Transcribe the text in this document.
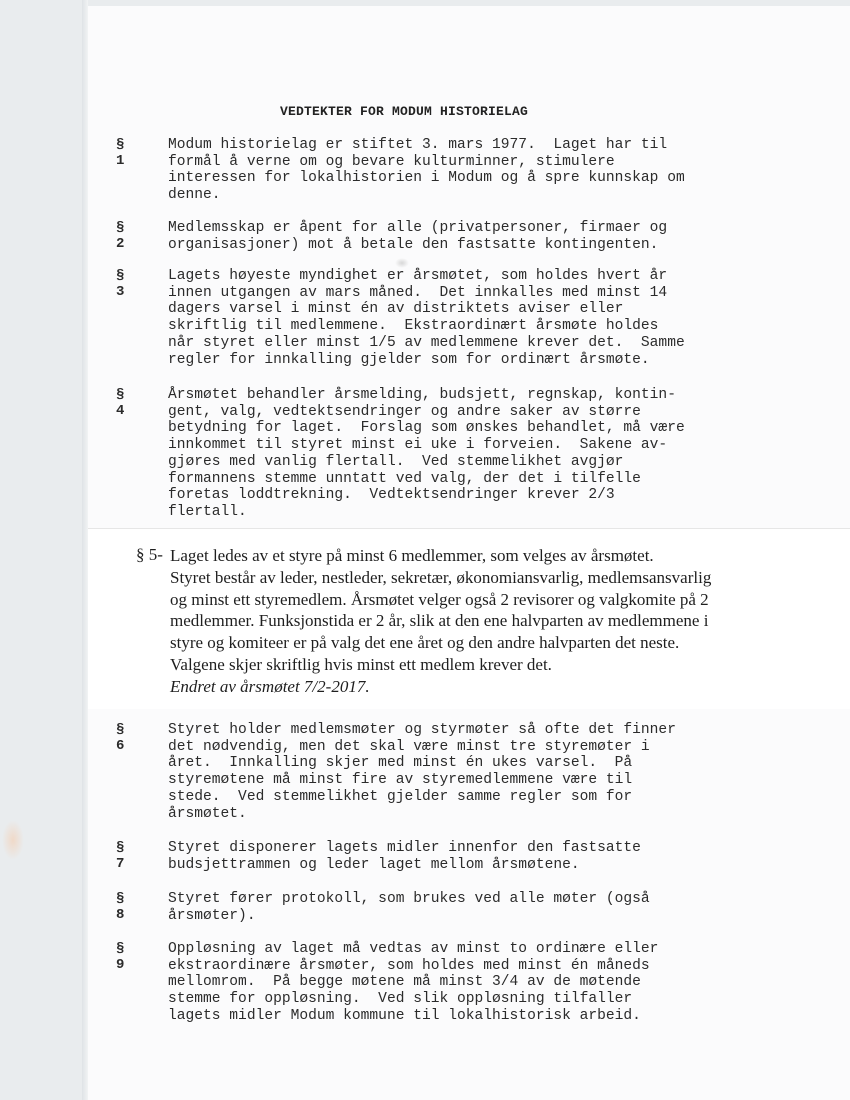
VEDTEKTER FOR MODUM HISTORIELAG
§ 1
Modum historielag er stiftet 3. mars 1977.  Laget har til
formål å verne om og bevare kulturminner, stimulere
interessen for lokalhistorien i Modum og å spre kunnskap om
denne.
§ 2
Medlemsskap er åpent for alle (privatpersoner, firmaer og
organisasjoner) mot å betale den fastsatte kontingenten.
§ 3
Lagets høyeste myndighet er årsmøtet, som holdes hvert år
innen utgangen av mars måned.  Det innkalles med minst 14
dagers varsel i minst én av distriktets aviser eller
skriftlig til medlemmene.  Ekstraordinært årsmøte holdes
når styret eller minst 1/5 av medlemmene krever det.  Samme
regler for innkalling gjelder som for ordinært årsmøte.
§ 4
Årsmøtet behandler årsmelding, budsjett, regnskap, kontin-
gent, valg, vedtektsendringer og andre saker av større
betydning for laget.  Forslag som ønskes behandlet, må være
innkommet til styret minst ei uke i forveien.  Sakene av-
gjøres med vanlig flertall.  Ved stemmelikhet avgjør
formannens stemme unntatt ved valg, der det i tilfelle
foretas loddtrekning.  Vedtektsendringer krever 2/3
flertall.
§ 5- Laget ledes av et styre på minst 6 medlemmer, som velges av årsmøtet.
Styret består av leder, nestleder, sekretær, økonomiansvarlig, medlemsansvarlig
og minst ett styremedlem. Årsmøtet velger også 2 revisorer og valgkomite på 2
medlemmer. Funksjonstida er 2 år, slik at den ene halvparten av medlemmene i
styre og komiteer er på valg det ene året og den andre halvparten det neste.
Valgene skjer skriftlig hvis minst ett medlem krever det.
Endret av årsmøtet 7/2-2017.
§ 6
Styret holder medlemsmøter og styrmøter så ofte det finner
det nødvendig, men det skal være minst tre styremøter i
året.  Innkalling skjer med minst én ukes varsel.  På
styremøtene må minst fire av styremedlemmene være til
stede.  Ved stemmelikhet gjelder samme regler som for
årsmøtet.
§ 7
Styret disponerer lagets midler innenfor den fastsatte
budsjettrammen og leder laget mellom årsmøtene.
§ 8
Styret fører protokoll, som brukes ved alle møter (også
årsmøter).
§ 9
Oppløsning av laget må vedtas av minst to ordinære eller
ekstraordinære årsmøter, som holdes med minst én måneds
mellomrom.  På begge møtene må minst 3/4 av de møtende
stemme for oppløsning.  Ved slik oppløsning tilfaller
lagets midler Modum kommune til lokalhistorisk arbeid.
